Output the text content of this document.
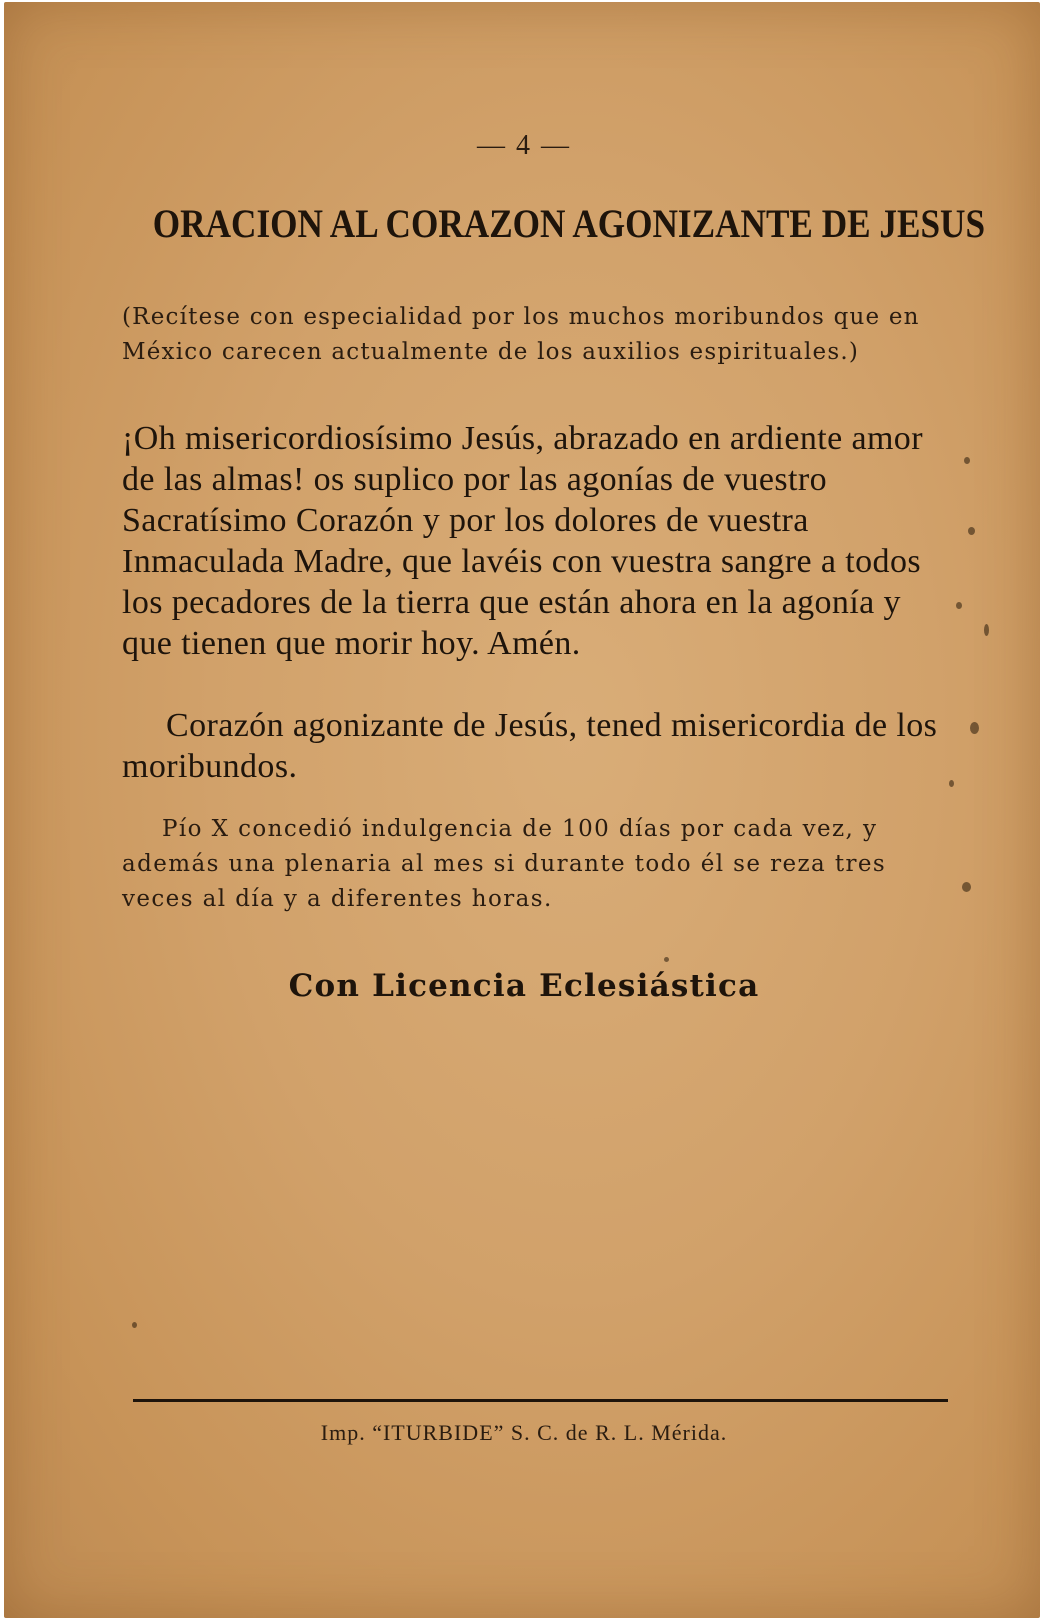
— 4 —
ORACION AL CORAZON AGONIZANTE DE JESUS

(Recítese con especialidad por los muchos moribundos que en México carecen actualmente de los auxilios espirituales.)

¡Oh misericordiosísimo Jesús, abrazado en ardiente amor de las almas! os suplico por las agonías de vuestro Sacratísimo Corazón y por los dolores de vuestra Inmaculada Madre, que lavéis con vuestra sangre a todos los pecadores de la tierra que están ahora en la agonía y que tienen que morir hoy. Amén.

Corazón agonizante de Jesús, tened misericordia de los moribundos.

Pío X concedió indulgencia de 100 días por cada vez, y además una plenaria al mes si durante todo él se reza tres veces al día y a diferentes horas.

Con Licencia Eclesiástica
Imp. “ITURBIDE” S. C. de R. L. Mérida.
